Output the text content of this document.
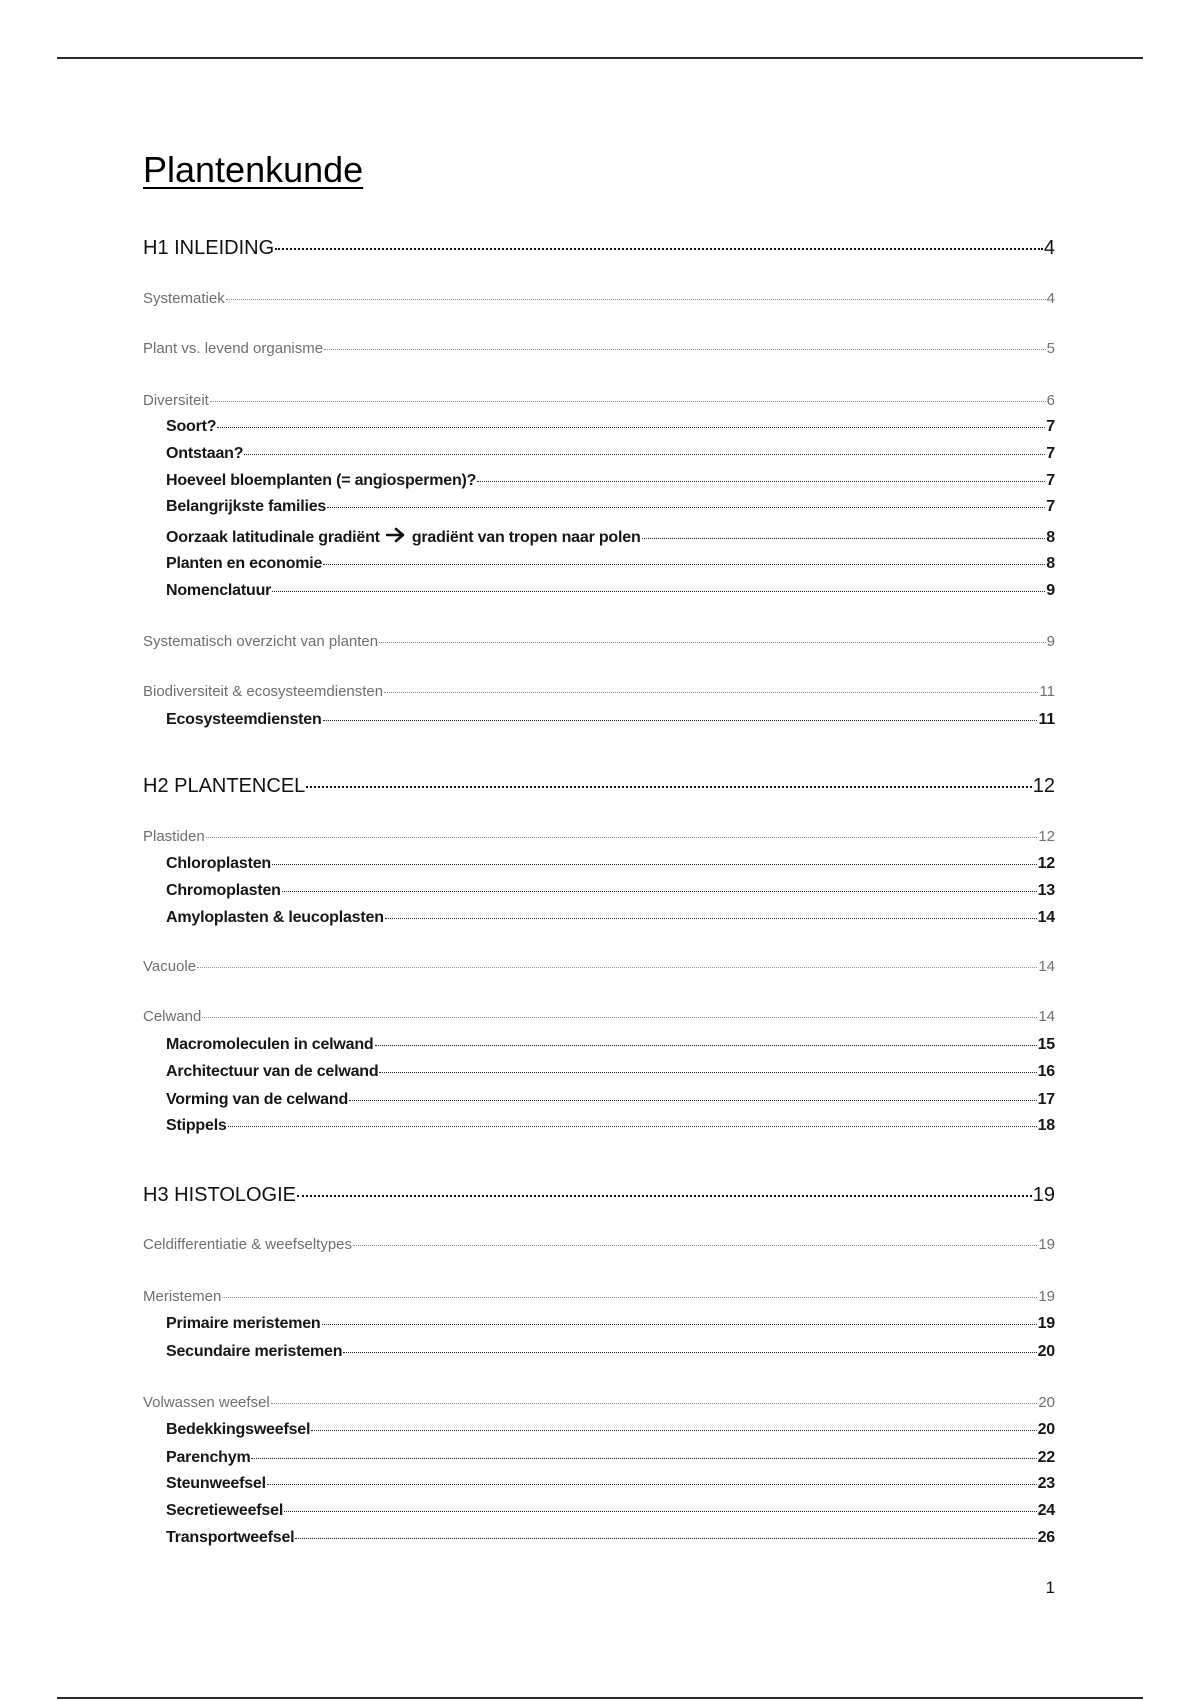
Plantenkunde
H1 INLEIDING	4
Systematiek	4
Plant vs. levend organisme	5
Diversiteit	6
Soort?	7
Ontstaan?	7
Hoeveel bloemplanten (= angiospermen)?	7
Belangrijkste families	7
Oorzaak latitudinale gradiënt gradiënt van tropen naar polen	8
Planten en economie	8
Nomenclatuur	9
Systematisch overzicht van planten	9
Biodiversiteit & ecosysteemdiensten	11
Ecosysteemdiensten	11
H2 PLANTENCEL	12
Plastiden	12
Chloroplasten	12
Chromoplasten	13
Amyloplasten & leucoplasten	14
Vacuole	14
Celwand	14
Macromoleculen in celwand	15
Architectuur van de celwand	16
Vorming van de celwand	17
Stippels	18
H3 HISTOLOGIE	19
Celdifferentiatie & weefseltypes	19
Meristemen	19
Primaire meristemen	19
Secundaire meristemen	20
Volwassen weefsel	20
Bedekkingsweefsel	20
Parenchym	22
Steunweefsel	23
Secretieweefsel	24
Transportweefsel	26
1
